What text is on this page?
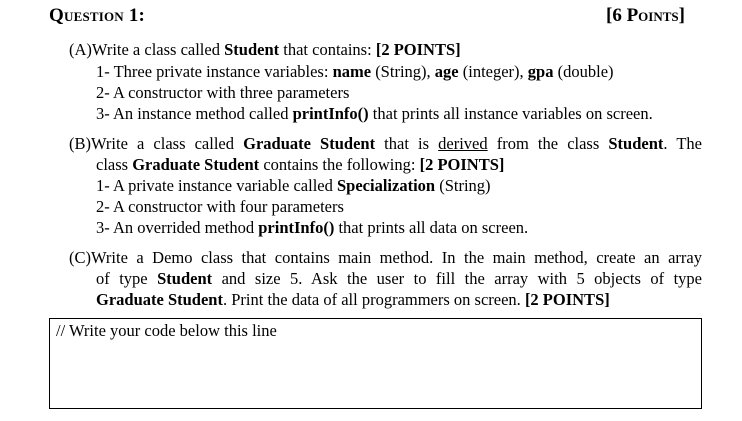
Question 1:	[6 Points]
(A)Write a class called Student that contains: [2 POINTS]
1- Three private instance variables: name (String), age (integer), gpa (double)
2- A constructor with three parameters
3- An instance method called printInfo() that prints all instance variables on screen.
(B)Write a class called Graduate Student that is derived from the class Student. The
class Graduate Student contains the following: [2 POINTS]
1- A private instance variable called Specialization (String)
2- A constructor with four parameters
3- An overrided method printInfo() that prints all data on screen.
(C)Write a Demo class that contains main method. In the main method, create an array
of type Student and size 5. Ask the user to fill the array with 5 objects of type
Graduate Student. Print the data of all programmers on screen. [2 POINTS]
// Write your code below this line
